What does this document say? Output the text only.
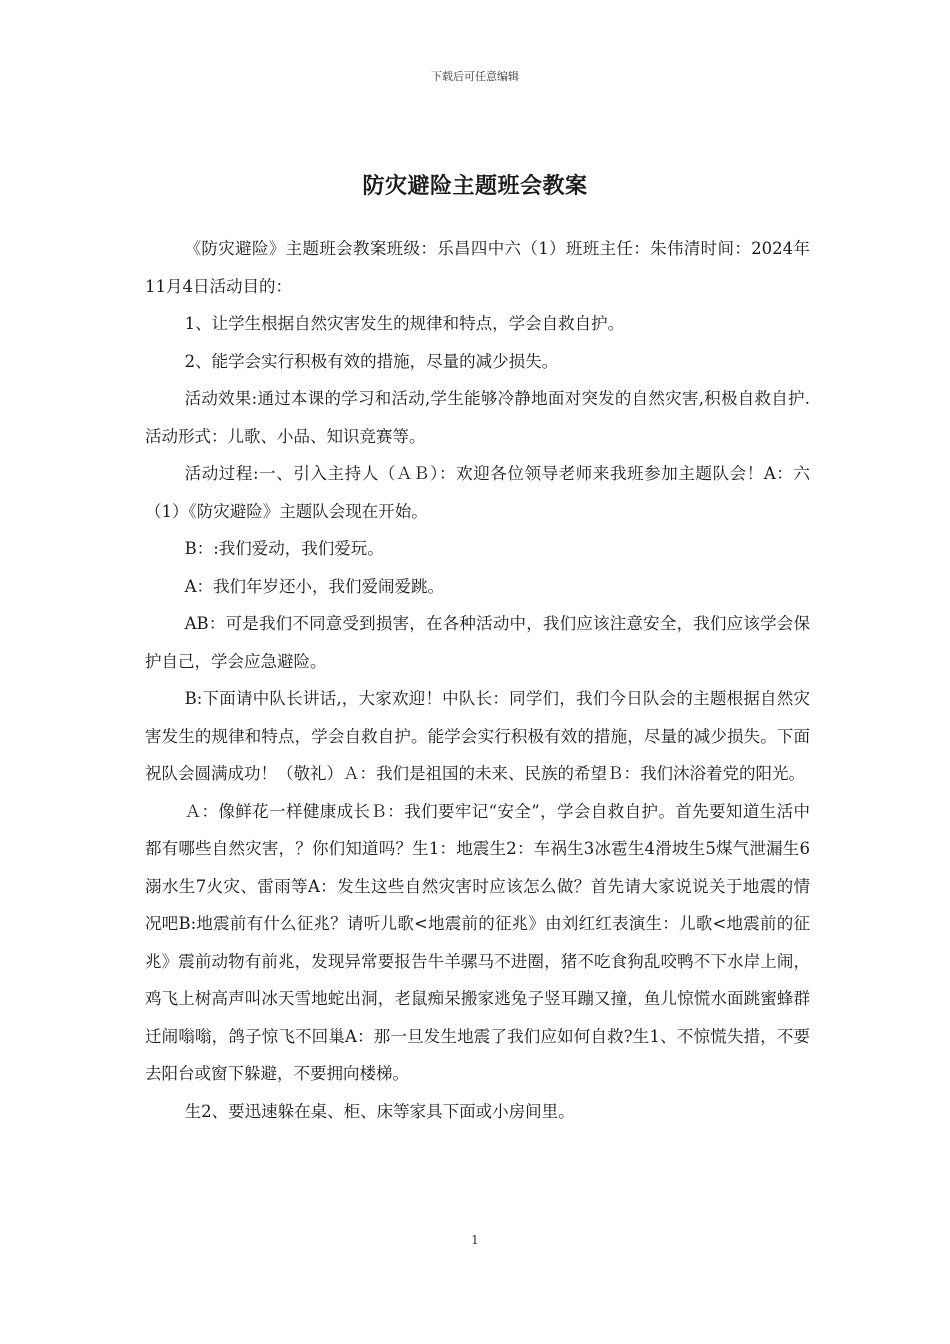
下载后可任意编辑
防灾避险主题班会教案

《防灾避险》主题班会教案班级：乐昌四中六（1）班班主任：朱伟清时间：2024年11月4日活动目的：

1、让学生根据自然灾害发生的规律和特点，学会自救自护。

2、能学会实行积极有效的措施，尽量的减少损失。

活动效果:通过本课的学习和活动,学生能够冷静地面对突发的自然灾害,积极自救自护.活动形式：儿歌、小品、知识竞赛等。

活动过程:一、引入主持人（ＡＢ）：欢迎各位领导老师来我班参加主题队会！A：六（1）《防灾避险》主题队会现在开始。

B：:我们爱动，我们爱玩。

A：我们年岁还小，我们爱闹爱跳。

AB：可是我们不同意受到损害，在各种活动中，我们应该注意安全，我们应该学会保护自己，学会应急避险。

B:下面请中队长讲话,，大家欢迎！中队长：同学们，我们今日队会的主题根据自然灾害发生的规律和特点，学会自救自护。能学会实行积极有效的措施，尽量的减少损失。下面祝队会圆满成功！（敬礼）Ａ：我们是祖国的未来、民族的希望Ｂ：我们沐浴着党的阳光。

Ａ：像鲜花一样健康成长Ｂ：我们要牢记“安全”，学会自救自护。首先要知道生活中都有哪些自然灾害，？你们知道吗？生1：地震生2：车祸生3冰雹生4滑坡生5煤气泄漏生6溺水生7火灾、雷雨等A：发生这些自然灾害时应该怎么做？首先请大家说说关于地震的情况吧B:地震前有什么征兆？请听儿歌<地震前的征兆》由刘红红表演生：儿歌<地震前的征兆》震前动物有前兆，发现异常要报告牛羊骡马不进圈，猪不吃食狗乱咬鸭不下水岸上闹，鸡飞上树高声叫冰天雪地蛇出洞，老鼠痴呆搬家逃兔子竖耳蹦又撞，鱼儿惊慌水面跳蜜蜂群迁闹嗡嗡，鸽子惊飞不回巢A：那一旦发生地震了我们应如何自救?生1、不惊慌失措，不要去阳台或窗下躲避，不要拥向楼梯。

生2、要迅速躲在桌、柜、床等家具下面或小房间里。

1
